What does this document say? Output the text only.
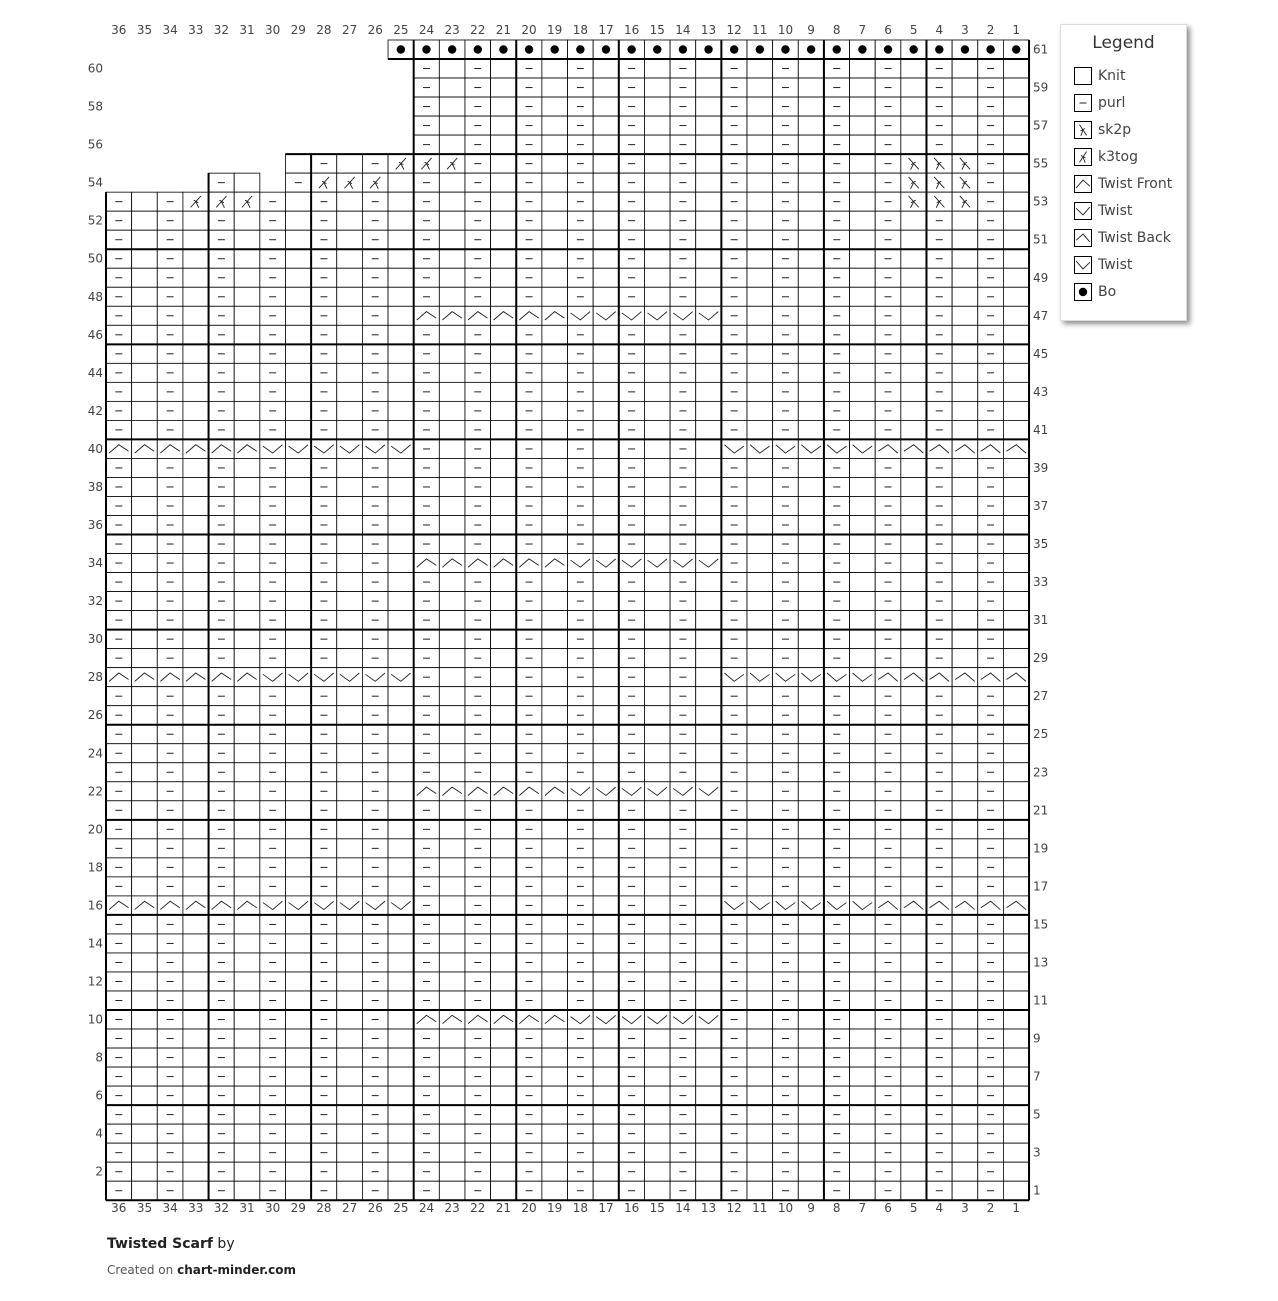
36
36
35
35
34
34
33
33
32
32
31
31
30
30
29
29
28
28
27
27
26
26
25
25
24
24
23
23
22
22
21
21
20
20
19
19
18
18
17
17
16
16
15
15
14
14
13
13
12
12
11
11
10
10
9
9
8
8
7
7
6
6
5
5
4
4
3
3
2
2
1
1
2
4
6
8
10
12
14
16
18
20
22
24
26
28
30
32
34
36
38
40
42
44
46
48
50
52
54
56
58
60
1
3
5
7
9
11
13
15
17
19
21
23
25
27
29
31
33
35
37
39
41
43
45
47
49
51
53
55
57
59
61	Legend
Knit
purl
sk2p
k3tog
Twist Front
Twist
Twist Back
Twist
Bo
Twisted Scarf by
Created on chart-minder.com
